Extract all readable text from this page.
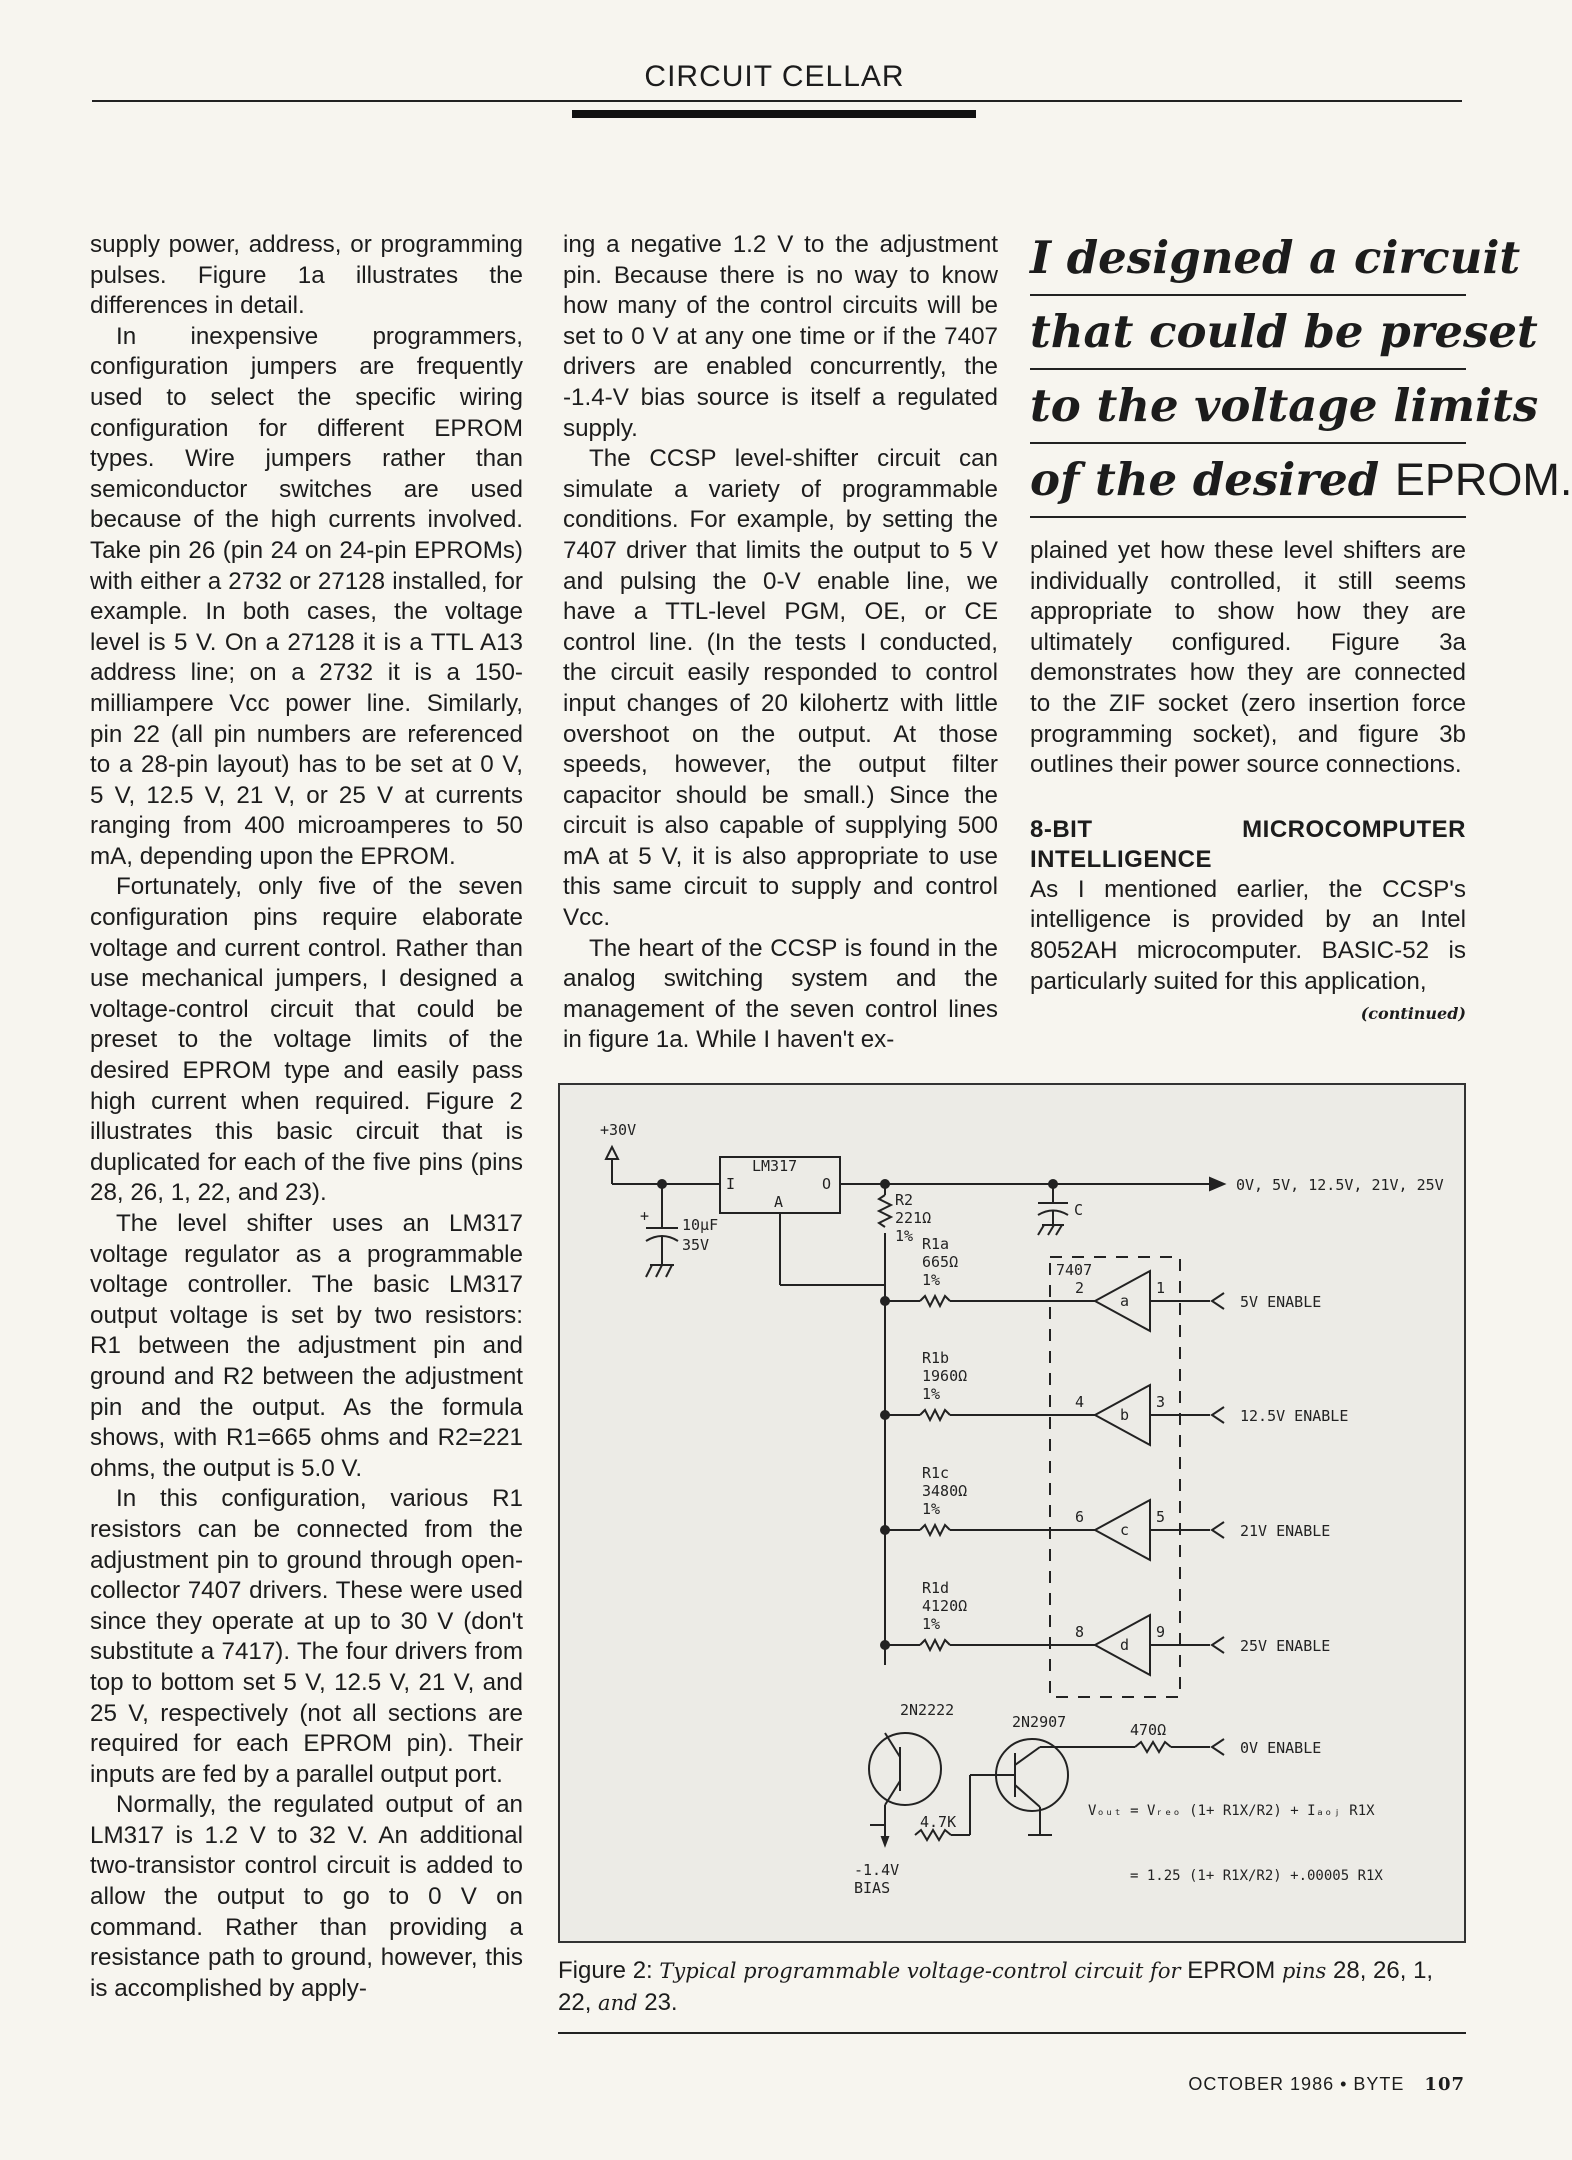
CIRCUIT CELLAR

supply power, address, or programming pulses. Figure 1a illustrates the differences in detail.

In inexpensive programmers, configuration jumpers are frequently used to select the specific wiring configuration for different EPROM types. Wire jumpers rather than semiconductor switches are used because of the high currents involved. Take pin 26 (pin 24 on 24-pin EPROMs) with either a 2732 or 27128 installed, for example. In both cases, the voltage level is 5 V. On a 27128 it is a TTL A13 address line; on a 2732 it is a 150-milliampere Vcc power line. Similarly, pin 22 (all pin numbers are referenced to a 28-pin layout) has to be set at 0 V, 5 V, 12.5 V, 21 V, or 25 V at currents ranging from 400 microamperes to 50 mA, depending upon the EPROM.

Fortunately, only five of the seven configuration pins require elaborate voltage and current control. Rather than use mechanical jumpers, I designed a voltage-control circuit that could be preset to the voltage limits of the desired EPROM type and easily pass high current when required. Figure 2 illustrates this basic circuit that is duplicated for each of the five pins (pins 28, 26, 1, 22, and 23).

The level shifter uses an LM317 voltage regulator as a programmable voltage controller. The basic LM317 output voltage is set by two resistors: R1 between the adjustment pin and ground and R2 between the adjustment pin and the output. As the formula shows, with R1=665 ohms and R2=221 ohms, the output is 5.0 V.

In this configuration, various R1 resistors can be connected from the adjustment pin to ground through open-collector 7407 drivers. These were used since they operate at up to 30 V (don't substitute a 7417). The four drivers from top to bottom set 5 V, 12.5 V, 21 V, and 25 V, respectively (not all sections are required for each EPROM pin). Their inputs are fed by a parallel output port.

Normally, the regulated output of an LM317 is 1.2 V to 32 V. An additional two-transistor control circuit is added to allow the output to go to 0 V on command. Rather than providing a resistance path to ground, however, this is accomplished by apply-

ing a negative 1.2 V to the adjustment pin. Because there is no way to know how many of the control circuits will be set to 0 V at any one time or if the 7407 drivers are enabled concurrently, the -1.4-V bias source is itself a regulated supply.

The CCSP level-shifter circuit can simulate a variety of programmable conditions. For example, by setting the 7407 driver that limits the output to 5 V and pulsing the 0-V enable line, we have a TTL-level PGM, OE, or CE control line. (In the tests I conducted, the circuit easily responded to control input changes of 20 kilohertz with little overshoot on the output. At those speeds, however, the output filter capacitor should be small.) Since the circuit is also capable of supplying 500 mA at 5 V, it is also appropriate to use this same circuit to supply and control Vcc.

The heart of the CCSP is found in the analog switching system and the management of the seven control lines in figure 1a. While I haven't ex-

I designed a circuit
that could be preset
to the voltage limits
of the desired EPROM.

plained yet how these level shifters are individually controlled, it still seems appropriate to show how they are ultimately configured. Figure 3a demonstrates how they are connected to the ZIF socket (zero insertion force programming socket), and figure 3b outlines their power source connections.

8-BIT MICROCOMPUTER INTELLIGENCE

As I mentioned earlier, the CCSP's intelligence is provided by an Intel 8052AH microcomputer. BASIC-52 is particularly suited for this application,

(continued)
+30V
+ 10μF
35V
LM317
I	O
A
0V, 5V, 12.5V, 21V, 25V
C
R2
221Ω
1%
7407
R1a
665Ω
1%
a
1
2
5V ENABLE
R1b
1960Ω
1%
b
3
4
12.5V ENABLE
R1c
3480Ω
1%
c
5
6
21V ENABLE
R1d
4120Ω
1%
d
9
8
25V ENABLE
2N2222
-1.4V
BIAS
4.7K
2N2907	470Ω
0V ENABLE
Vₒᵤₜ = Vᵣₑₒ (1+ R1X/R2) + Iₐₒⱼ R1X
= 1.25 (1+ R1X/R2) +.00005 R1X
Figure 2: Typical programmable voltage-control circuit for EPROM pins 28, 26, 1, 22, and 23.
OCTOBER 1986 • BYTE 107
